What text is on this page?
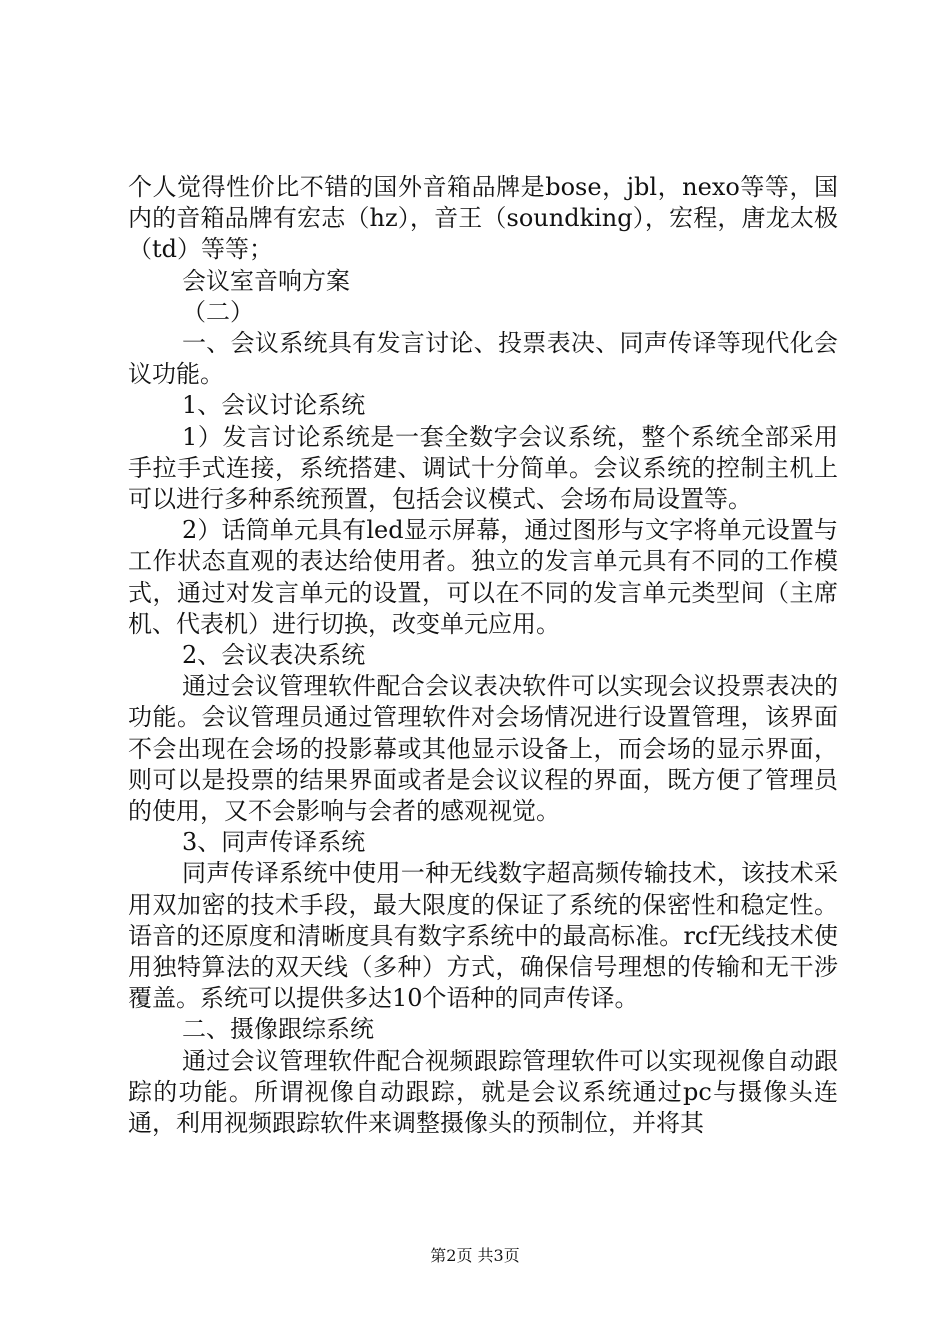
个人觉得性价比不错的国外音箱品牌是bose，jbl，nexo等等，国内的音箱品牌有宏志（hz），音王（soundking），宏程，唐龙太极（td）等等；

会议室音响方案

（二）

一、会议系统具有发言讨论、投票表决、同声传译等现代化会议功能。

1、会议讨论系统

1）发言讨论系统是一套全数字会议系统，整个系统全部采用手拉手式连接，系统搭建、调试十分简单。会议系统的控制主机上可以进行多种系统预置，包括会议模式、会场布局设置等。

2）话筒单元具有led显示屏幕，通过图形与文字将单元设置与工作状态直观的表达给使用者。独立的发言单元具有不同的工作模式，通过对发言单元的设置，可以在不同的发言单元类型间（主席机、代表机）进行切换，改变单元应用。

2、会议表决系统

通过会议管理软件配合会议表决软件可以实现会议投票表决的功能。会议管理员通过管理软件对会场情况进行设置管理，该界面不会出现在会场的投影幕或其他显示设备上，而会场的显示界面，则可以是投票的结果界面或者是会议议程的界面，既方便了管理员的使用，又不会影响与会者的感观视觉。

3、同声传译系统

同声传译系统中使用一种无线数字超高频传输技术，该技术采用双加密的技术手段，最大限度的保证了系统的保密性和稳定性。语音的还原度和清晰度具有数字系统中的最高标准。rcf无线技术使用独特算法的双天线（多种）方式，确保信号理想的传输和无干涉覆盖。系统可以提供多达10个语种的同声传译。

二、摄像跟综系统

通过会议管理软件配合视频跟踪管理软件可以实现视像自动跟踪的功能。所谓视像自动跟踪，就是会议系统通过pc与摄像头连通，利用视频跟踪软件来调整摄像头的预制位，并将其

第2页 共3页
